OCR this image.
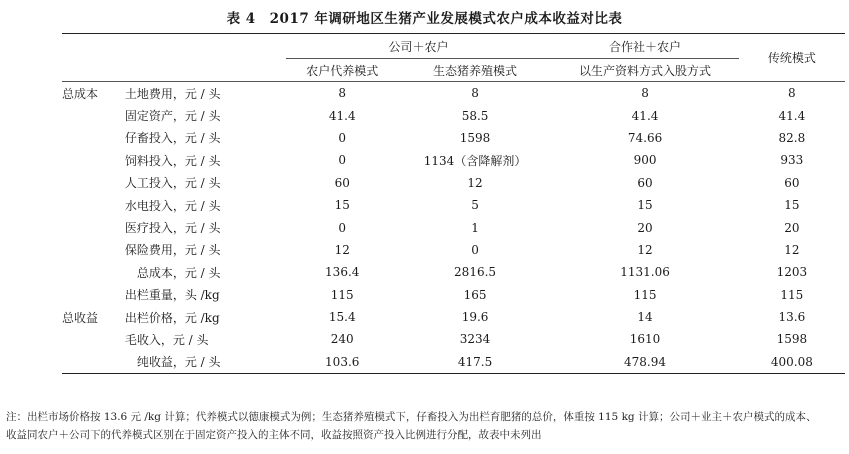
表 4　2017 年调研地区生猪产业发展模式农户成本收益对比表
		公司＋农户		合作社＋农户	传统模式
		农户代养模式	生态猪养殖模式	以生产资料方式入股方式	
总成本	土地费用，元 / 头	8	8	8	8
	固定资产，元 / 头	41.4	58.5	41.4	41.4
	仔畜投入，元 / 头	0	1598	74.66	82.8
	饲料投入，元 / 头	0	1134（含降解剂）	900	933
	人工投入，元 / 头	60	12	60	60
	水电投入，元 / 头	15	5	15	15
	医疗投入，元 / 头	0	1	20	20
	保险费用，元 / 头	12	0	12	12
	总成本，元 / 头	136.4	2816.5	1131.06	1203
	出栏重量，头 /kg	115	165	115	115
总收益	出栏价格，元 /kg	15.4	19.6	14	13.6
	毛收入，元 / 头	240	3234	1610	1598
	纯收益，元 / 头	103.6	417.5	478.94	400.08
注：出栏市场价格按 13.6 元 /kg 计算；代养模式以德康模式为例；生态猪养殖模式下，仔畜投入为出栏育肥猪的总价，体重按 115 kg 计算；公司＋业主＋农户模式的成本、
收益同农户＋公司下的代养模式区别在于固定资产投入的主体不同，收益按照资产投入比例进行分配，故表中未列出
